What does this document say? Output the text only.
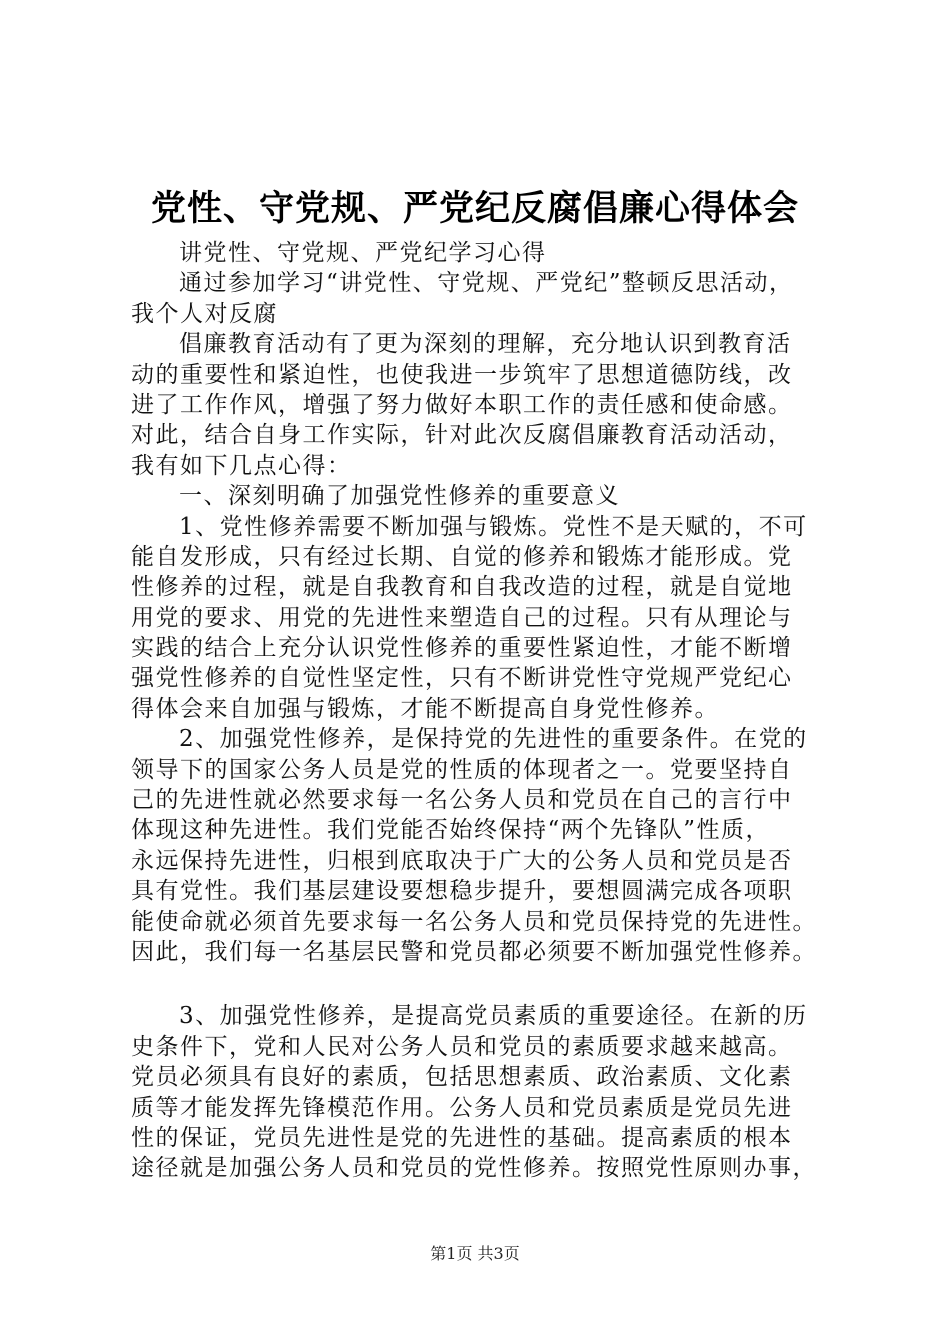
党性、守党规、严党纪反腐倡廉心得体会
讲党性、守党规、严党纪学习心得
通过参加学习“讲党性、守党规、严党纪”整顿反思活动，
我个人对反腐
倡廉教育活动有了更为深刻的理解，充分地认识到教育活
动的重要性和紧迫性，也使我进一步筑牢了思想道德防线，改
进了工作作风，增强了努力做好本职工作的责任感和使命感。
对此，结合自身工作实际，针对此次反腐倡廉教育活动活动，
我有如下几点心得：
一、深刻明确了加强党性修养的重要意义
1、党性修养需要不断加强与锻炼。党性不是天赋的，不可
能自发形成，只有经过长期、自觉的修养和锻炼才能形成。党
性修养的过程，就是自我教育和自我改造的过程，就是自觉地
用党的要求、用党的先进性来塑造自己的过程。只有从理论与
实践的结合上充分认识党性修养的重要性紧迫性，才能不断增
强党性修养的自觉性坚定性，只有不断讲党性守党规严党纪心
得体会来自加强与锻炼，才能不断提高自身党性修养。
2、加强党性修养，是保持党的先进性的重要条件。在党的
领导下的国家公务人员是党的性质的体现者之一。党要坚持自
己的先进性就必然要求每一名公务人员和党员在自己的言行中
体现这种先进性。我们党能否始终保持“两个先锋队”性质，
永远保持先进性，归根到底取决于广大的公务人员和党员是否
具有党性。我们基层建设要想稳步提升，要想圆满完成各项职
能使命就必须首先要求每一名公务人员和党员保持党的先进性。
因此，我们每一名基层民警和党员都必须要不断加强党性修养。
3、加强党性修养，是提高党员素质的重要途径。在新的历
史条件下，党和人民对公务人员和党员的素质要求越来越高。
党员必须具有良好的素质，包括思想素质、政治素质、文化素
质等才能发挥先锋模范作用。公务人员和党员素质是党员先进
性的保证，党员先进性是党的先进性的基础。提高素质的根本
途径就是加强公务人员和党员的党性修养。按照党性原则办事，
第1页 共3页
